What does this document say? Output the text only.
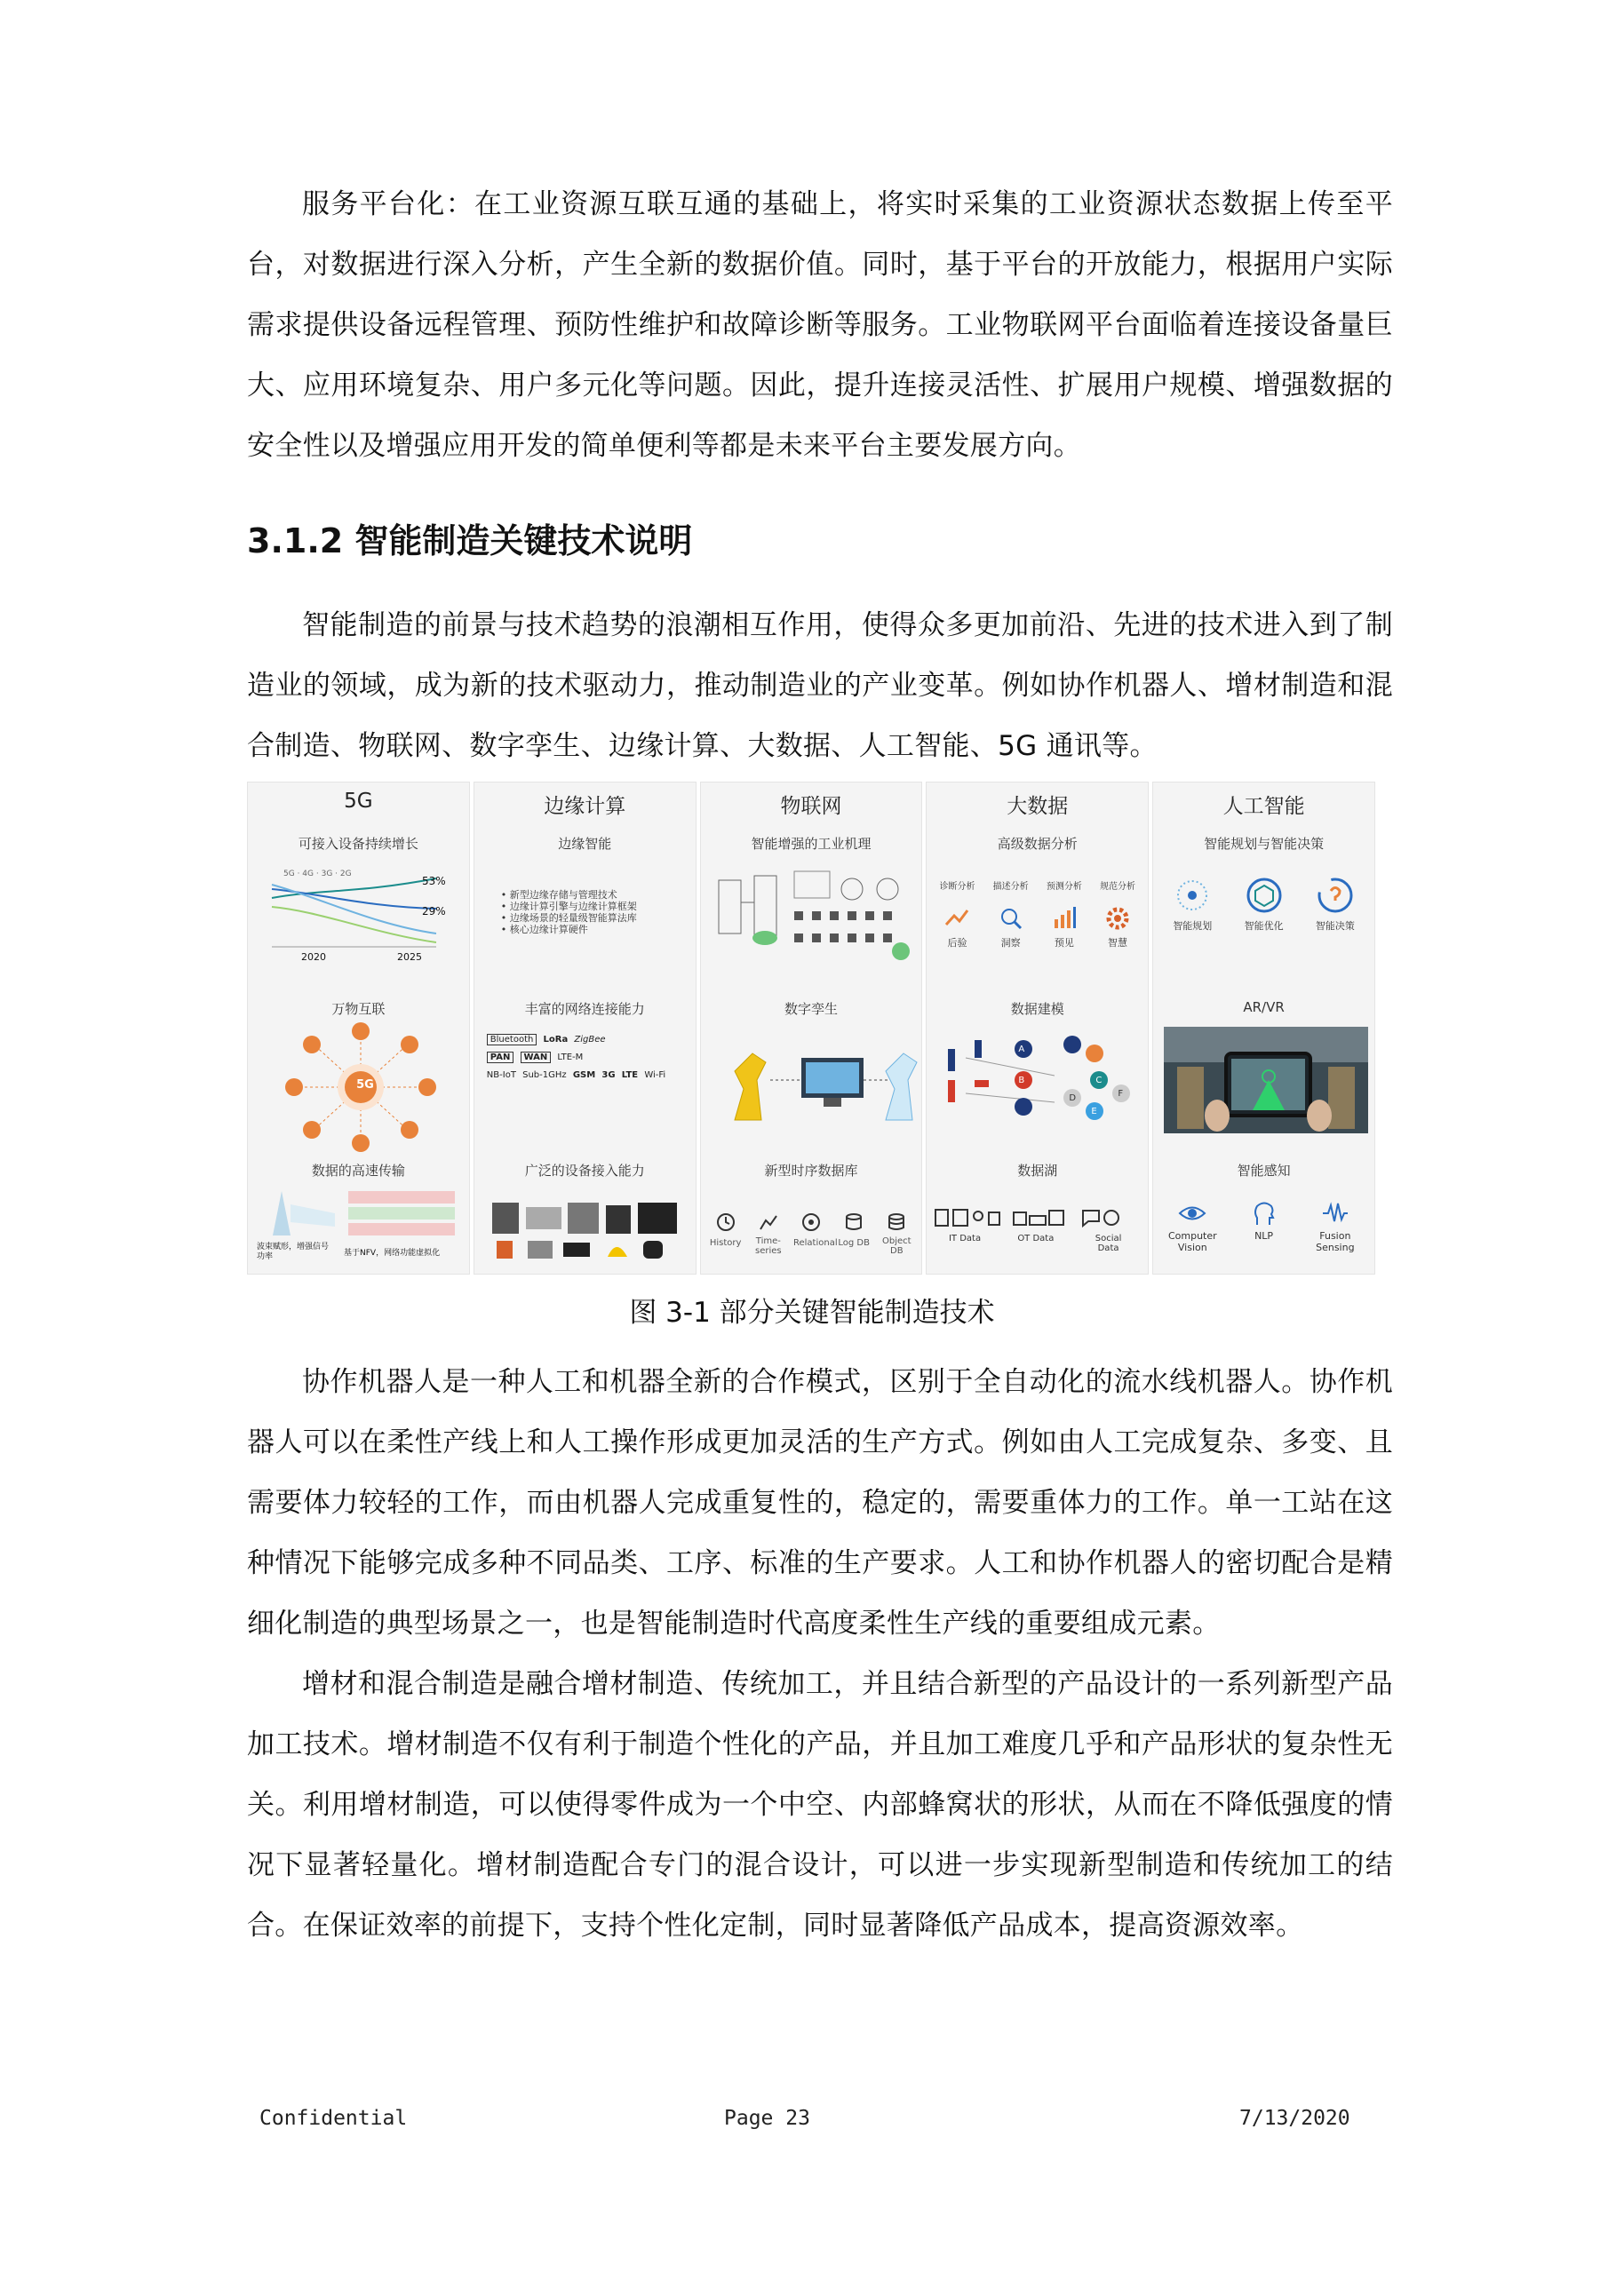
服务平台化：在工业资源互联互通的基础上，将实时采集的工业资源状态数据上传至平台，对数据进行深入分析，产生全新的数据价值。同时，基于平台的开放能力，根据用户实际需求提供设备远程管理、预防性维护和故障诊断等服务。工业物联网平台面临着连接设备量巨大、应用环境复杂、用户多元化等问题。因此，提升连接灵活性、扩展用户规模、增强数据的安全性以及增强应用开发的简单便利等都是未来平台主要发展方向。

3.1.2 智能制造关键技术说明

智能制造的前景与技术趋势的浪潮相互作用，使得众多更加前沿、先进的技术进入到了制造业的领域，成为新的技术驱动力，推动制造业的产业变革。例如协作机器人、增材制造和混合制造、物联网、数字孪生、边缘计算、大数据、人工智能、5G 通讯等。

5G
可接入设备持续增长
5G · 4G · 3G · 2G
53%
29%
2020	2025
万物互联
5G
数据的高速传输
波束赋形，增强信号功率	基于NFV，网络功能虚拟化
边缘计算
边缘智能
• 新型边缘存储与管理技术
• 边缘计算引擎与边缘计算框架
• 边缘场景的轻量级智能算法库
• 核心边缘计算硬件
丰富的网络连接能力
Bluetooth LoRa ZigBee
PAN WAN LTE-M
NB-IoT Sub-1GHz GSM 3G LTE Wi-Fi
广泛的设备接入能力
物联网
智能增强的工业机理
数字孪生
新型时序数据库
History	Time-series
Relational Log DB	Object DB
大数据
高级数据分析
诊断分析 描述分析 预测分析 规范分析
后验	洞察	预见	智慧
数据建模
A
B	C
D
E
F
数据湖
IT Data	OT Data	Social Data
人工智能
智能规划与智能决策
智能规划	智能优化	智能决策
AR/VR
智能感知
Computer Vision
NLP	Fusion Sensing
图 3-1 部分关键智能制造技术

协作机器人是一种人工和机器全新的合作模式，区别于全自动化的流水线机器人。协作机器人可以在柔性产线上和人工操作形成更加灵活的生产方式。例如由人工完成复杂、多变、且需要体力较轻的工作，而由机器人完成重复性的，稳定的，需要重体力的工作。单一工站在这种情况下能够完成多种不同品类、工序、标准的生产要求。人工和协作机器人的密切配合是精细化制造的典型场景之一，也是智能制造时代高度柔性生产线的重要组成元素。

增材和混合制造是融合增材制造、传统加工，并且结合新型的产品设计的一系列新型产品加工技术。增材制造不仅有利于制造个性化的产品，并且加工难度几乎和产品形状的复杂性无关。利用增材制造，可以使得零件成为一个中空、内部蜂窝状的形状，从而在不降低强度的情况下显著轻量化。增材制造配合专门的混合设计，可以进一步实现新型制造和传统加工的结合。在保证效率的前提下，支持个性化定制，同时显著降低产品成本，提高资源效率。

Confidential	Page 23	7/13/2020
